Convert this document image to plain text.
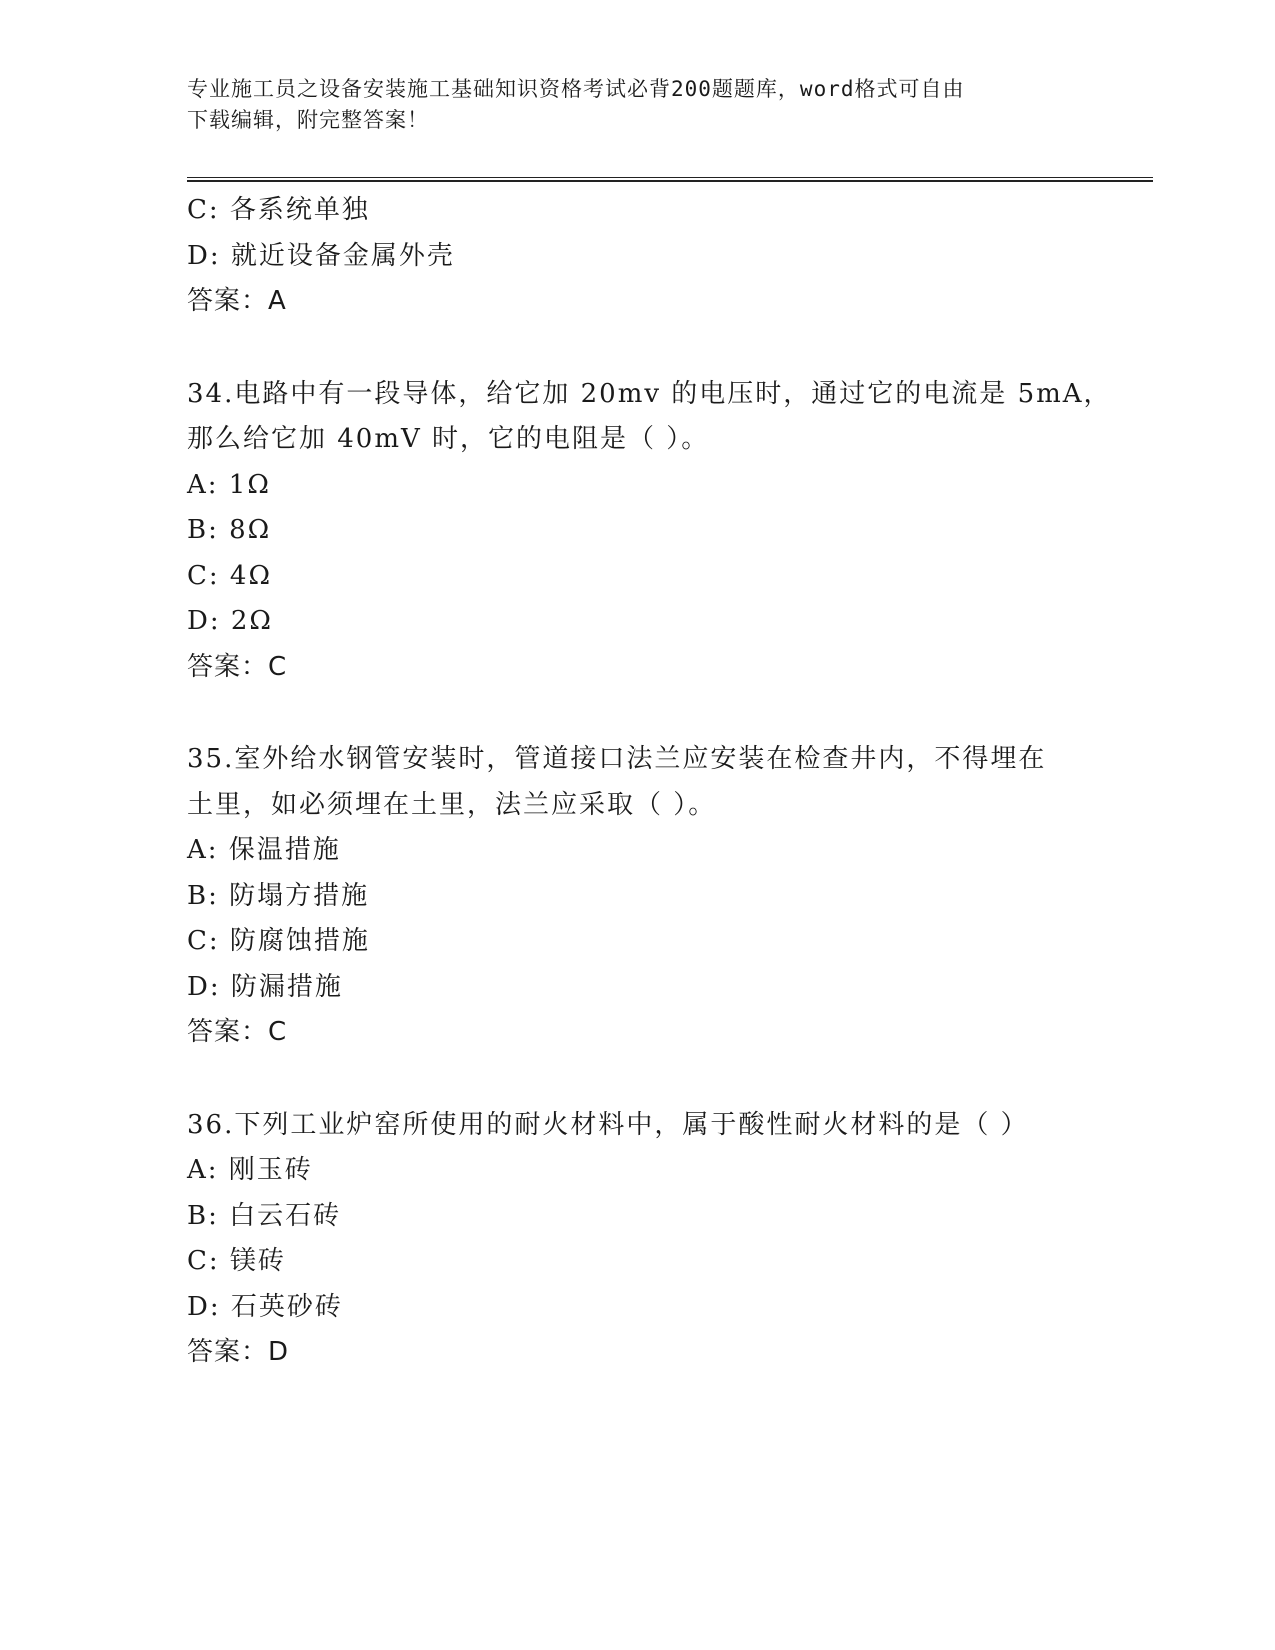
专业施工员之设备安装施工基础知识资格考试必背200题题库，word格式可自由
下载编辑，附完整答案！
C: 各系统单独
D: 就近设备金属外壳
答案：A
34.电路中有一段导体，给它加 20mv 的电压时，通过它的电流是 5mA，
那么给它加 40mV 时，它的电阻是（ ）。
A: 1Ω
B: 8Ω
C: 4Ω
D: 2Ω
答案：C
35.室外给水钢管安装时，管道接口法兰应安装在检查井内，不得埋在
土里，如必须埋在土里，法兰应采取（ ）。
A: 保温措施
B: 防塌方措施
C: 防腐蚀措施
D: 防漏措施
答案：C
36.下列工业炉窑所使用的耐火材料中，属于酸性耐火材料的是（ ）
A: 刚玉砖
B: 白云石砖
C: 镁砖
D: 石英砂砖
答案：D
